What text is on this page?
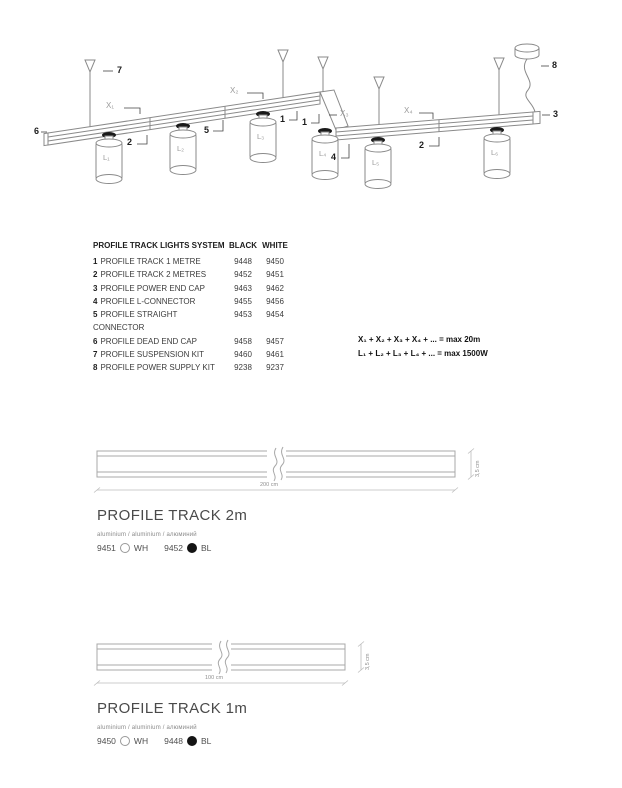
7	8
6
3
X₁
X₂
X₃	X₄
2
5
1 1
4
2
L₁
L₂
L₃
L₄
L₅
L₆
PROFILE TRACK LIGHTS SYSTEM	BLACK	WHITE
1 PROFILE TRACK 1 METRE	9448	9450
2 PROFILE TRACK 2 METRES	9452	9451
3 PROFILE POWER END CAP	9463	9462
4 PROFILE L-CONNECTOR	9455	9456
5 PROFILE STRAIGHT CONNECTOR	9453	9454
6 PROFILE DEAD END CAP	9458	9457
7 PROFILE SUSPENSION KIT	9460	9461
8 PROFILE POWER SUPPLY KIT	9238	9237
X₁ + X₂ + X₃ + X₄ + ... = max 20m
L₁ + L₂ + L₃ + L₄ + ... = max 1500W
200 cm
3,5 cm
PROFILE TRACK 2m
aluminium / aluminium / алюминий
9451 WH 9452 BL
100 cm
3,5 cm
PROFILE TRACK 1m
aluminium / aluminium / алюминий
9450 WH 9448 BL
